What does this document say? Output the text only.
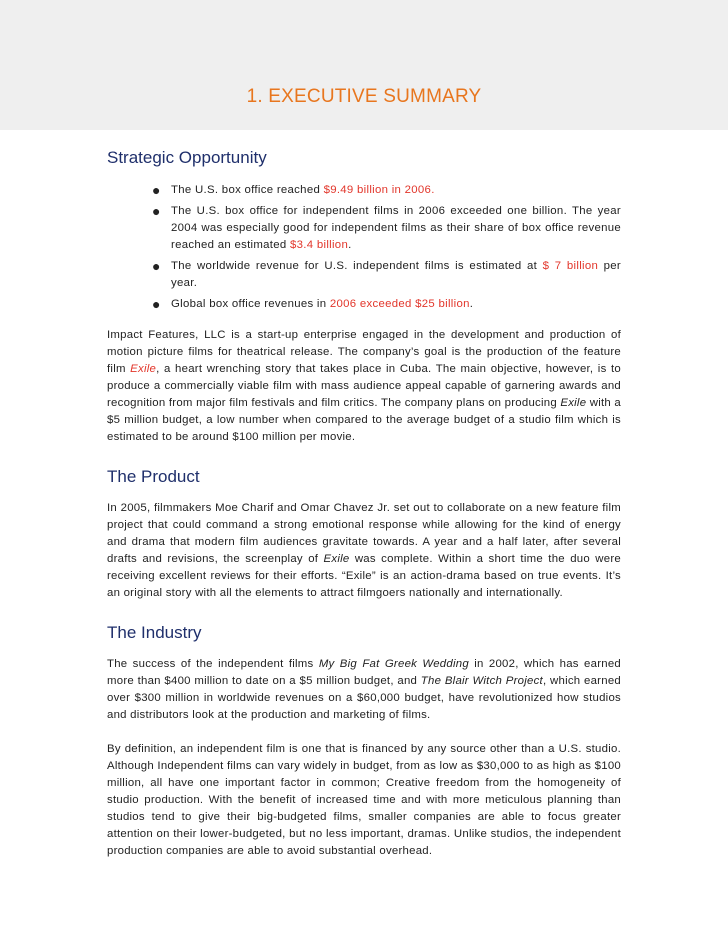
1. EXECUTIVE SUMMARY
Strategic Opportunity
● The U.S. box office reached $9.49 billion in 2006.
● The U.S. box office for independent films in 2006 exceeded one billion. The year 2004 was especially good for independent films as their share of box office revenue reached an estimated $3.4 billion.
● The worldwide revenue for U.S. independent films is estimated at $ 7 billion per year.
● Global box office revenues in 2006 exceeded $25 billion.

Impact Features, LLC is a start-up enterprise engaged in the development and production of motion picture films for theatrical release. The company’s goal is the production of the feature film Exile, a heart wrenching story that takes place in Cuba. The main objective, however, is to produce a commercially viable film with mass audience appeal capable of garnering awards and recognition from major film festivals and film critics. The company plans on producing Exile with a $5 million budget, a low number when compared to the average budget of a studio film which is estimated to be around $100 million per movie.

The Product

In 2005, filmmakers Moe Charif and Omar Chavez Jr. set out to collaborate on a new feature film project that could command a strong emotional response while allowing for the kind of energy and drama that modern film audiences gravitate towards. A year and a half later, after several drafts and revisions, the screenplay of Exile was complete. Within a short time the duo were receiving excellent reviews for their efforts. “Exile” is an action-drama based on true events. It’s an original story with all the elements to attract filmgoers nationally and internationally.

The Industry

The success of the independent films My Big Fat Greek Wedding in 2002, which has earned more than $400 million to date on a $5 million budget, and The Blair Witch Project, which earned over $300 million in worldwide revenues on a $60,000 budget, have revolutionized how studios and distributors look at the production and marketing of films.

By definition, an independent film is one that is financed by any source other than a U.S. studio. Although Independent films can vary widely in budget, from as low as $30,000 to as high as $100 million, all have one important factor in common; Creative freedom from the homogeneity of studio production. With the benefit of increased time and with more meticulous planning than studios tend to give their big-budgeted films, smaller companies are able to focus greater attention on their lower-budgeted, but no less important, dramas. Unlike studios, the independent production companies are able to avoid substantial overhead.
